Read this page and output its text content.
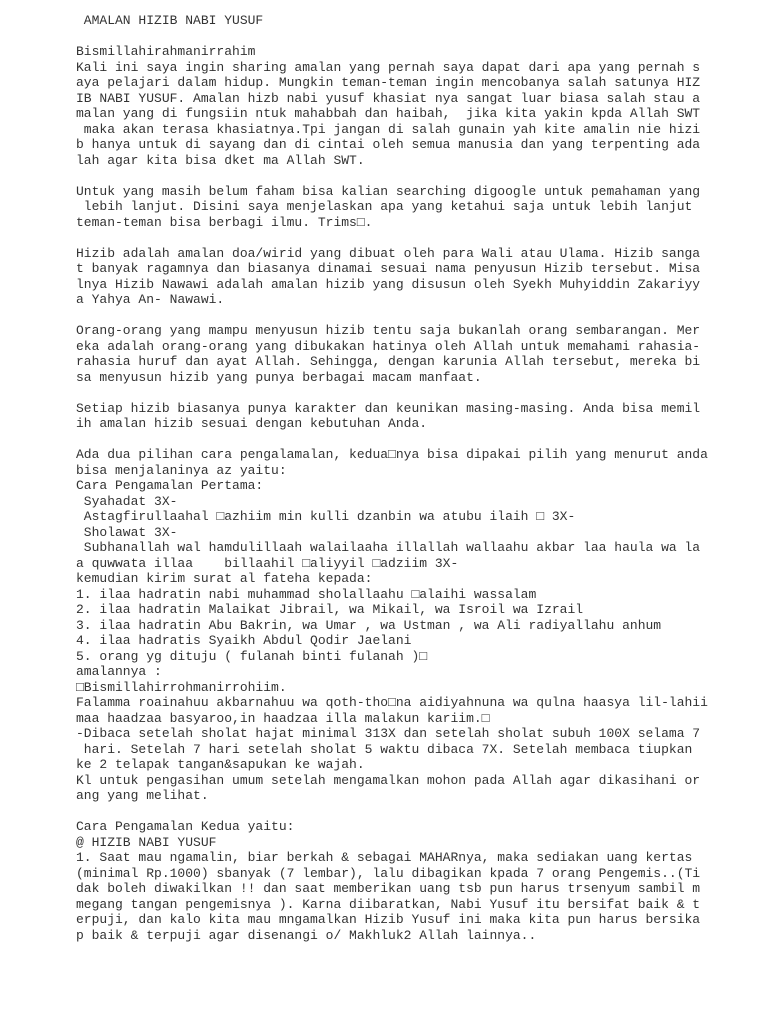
AMALAN HIZIB NABI YUSUF
Bismillahirahmanirrahim
Kali ini saya ingin sharing amalan yang pernah saya dapat dari apa yang pernah s
aya pelajari dalam hidup. Mungkin teman-teman ingin mencobanya salah satunya HIZ
IB NABI YUSUF. Amalan hizb nabi yusuf khasiat nya sangat luar biasa salah stau a
malan yang di fungsiin ntuk mahabbah dan haibah,  jika kita yakin kpda Allah SWT
maka akan terasa khasiatnya.Tpi jangan di salah gunain yah kite amalin nie hizi
b hanya untuk di sayang dan di cintai oleh semua manusia dan yang terpenting ada
lah agar kita bisa dket ma Allah SWT.
Untuk yang masih belum faham bisa kalian searching digoogle untuk pemahaman yang
lebih lanjut. Disini saya menjelaskan apa yang ketahui saja untuk lebih lanjut
teman-teman bisa berbagi ilmu. Trims□.
Hizib adalah amalan doa/wirid yang dibuat oleh para Wali atau Ulama. Hizib sanga
t banyak ragamnya dan biasanya dinamai sesuai nama penyusun Hizib tersebut. Misa
lnya Hizib Nawawi adalah amalan hizib yang disusun oleh Syekh Muhyiddin Zakariyy
a Yahya An- Nawawi.
Orang-orang yang mampu menyusun hizib tentu saja bukanlah orang sembarangan. Mer
eka adalah orang-orang yang dibukakan hatinya oleh Allah untuk memahami rahasia-
rahasia huruf dan ayat Allah. Sehingga, dengan karunia Allah tersebut, mereka bi
sa menyusun hizib yang punya berbagai macam manfaat.
Setiap hizib biasanya punya karakter dan keunikan masing-masing. Anda bisa memil
ih amalan hizib sesuai dengan kebutuhan Anda.
Ada dua pilihan cara pengalamalan, kedua□nya bisa dipakai pilih yang menurut anda
bisa menjalaninya az yaitu:
Cara Pengamalan Pertama:
Syahadat 3X-
Astagfirullaahal □azhiim min kulli dzanbin wa atubu ilaih □ 3X-
Sholawat 3X-
Subhanallah wal hamdulillaah walailaaha illallah wallaahu akbar laa haula wa la
a quwwata illaa    billaahil □aliyyil □adziim 3X-
kemudian kirim surat al fateha kepada:
1. ilaa hadratin nabi muhammad sholallaahu □alaihi wassalam
2. ilaa hadratin Malaikat Jibrail, wa Mikail, wa Isroil wa Izrail
3. ilaa hadratin Abu Bakrin, wa Umar , wa Ustman , wa Ali radiyallahu anhum
4. ilaa hadratis Syaikh Abdul Qodir Jaelani
5. orang yg dituju ( fulanah binti fulanah )□
amalannya :
□Bismillahirrohmanirrohiim.
Falamma roainahuu akbarnahuu wa qoth-tho□na aidiyahnuna wa qulna haasya lil-lahii
maa haadzaa basyaroo,in haadzaa illa malakun kariim.□
-Dibaca setelah sholat hajat minimal 313X dan setelah sholat subuh 100X selama 7
hari. Setelah 7 hari setelah sholat 5 waktu dibaca 7X. Setelah membaca tiupkan
ke 2 telapak tangan&sapukan ke wajah.
Kl untuk pengasihan umum setelah mengamalkan mohon pada Allah agar dikasihani or
ang yang melihat.
Cara Pengamalan Kedua yaitu:
@ HIZIB NABI YUSUF
1. Saat mau ngamalin, biar berkah & sebagai MAHARnya, maka sediakan uang kertas
(minimal Rp.1000) sbanyak (7 lembar), lalu dibagikan kpada 7 orang Pengemis..(Ti
dak boleh diwakilkan !! dan saat memberikan uang tsb pun harus trsenyum sambil m
megang tangan pengemisnya ). Karna diibaratkan, Nabi Yusuf itu bersifat baik & t
erpuji, dan kalo kita mau mngamalkan Hizib Yusuf ini maka kita pun harus bersika
p baik & terpuji agar disenangi o/ Makhluk2 Allah lainnya..
